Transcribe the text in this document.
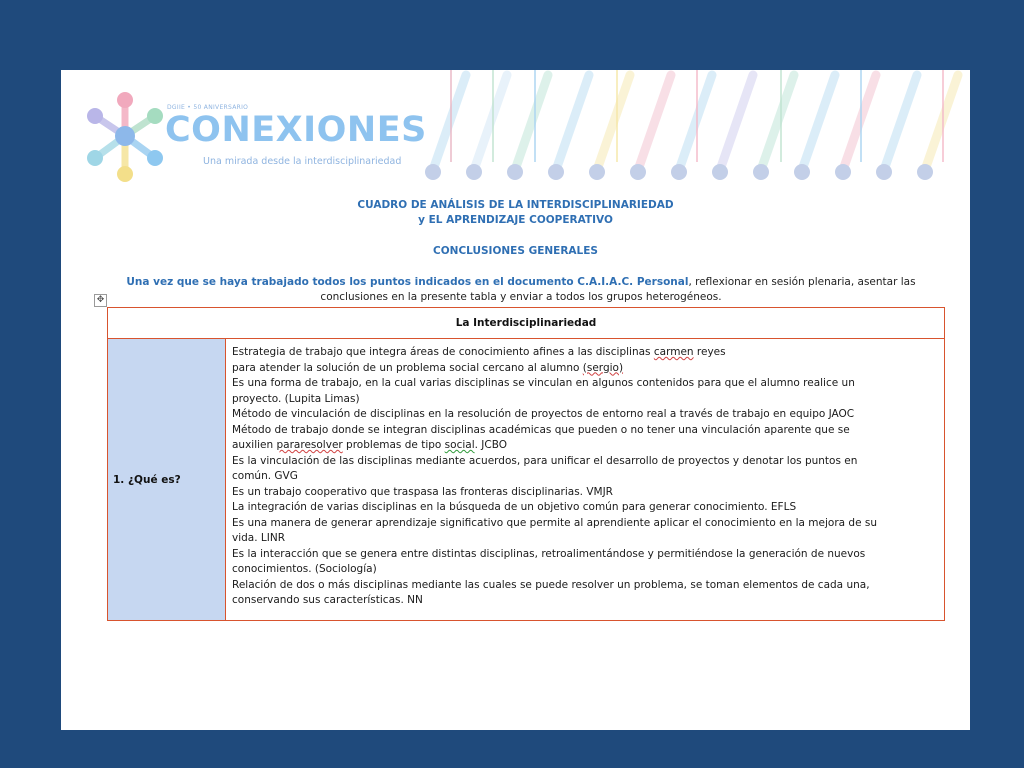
DGIIE • 50 ANIVERSARIO
CONEXIONES
Una mirada desde la interdisciplinariedad
CUADRO DE ANÁLISIS DE LA INTERDISCIPLINARIEDAD
y EL APRENDIZAJE COOPERATIVO
CONCLUSIONES GENERALES
Una vez que se haya trabajado todos los puntos indicados en el documento C.A.I.A.C. Personal, reflexionar en sesión plenaria, asentar las conclusiones en la presente tabla y enviar a todos los grupos heterogéneos.
✥
La Interdisciplinariedad
1. ¿Qué es?
Estrategia de trabajo que integra áreas de conocimiento afines a las disciplinas carmen reyes
para atender la solución de un problema social cercano al alumno (sergio)
Es una forma de trabajo, en la cual varias disciplinas se vinculan en algunos contenidos para que el alumno realice un
proyecto. (Lupita Limas)
Método de vinculación de disciplinas en la resolución de proyectos de entorno real a través de trabajo en equipo JAOC
Método de trabajo donde se integran disciplinas académicas que pueden o no tener una vinculación aparente que se
auxilien pararesolver problemas de tipo social. JCBO
Es la vinculación de las disciplinas mediante acuerdos, para unificar el desarrollo de proyectos y denotar los puntos en
común. GVG
Es un trabajo cooperativo que traspasa las fronteras disciplinarias. VMJR
La integración de varias disciplinas en la búsqueda de un objetivo común para generar conocimiento. EFLS
Es una manera de generar aprendizaje significativo que permite al aprendiente aplicar el conocimiento en la mejora de su
vida. LINR
Es la interacción que se genera entre distintas disciplinas, retroalimentándose y permitiéndose la generación de nuevos
conocimientos. (Sociología)
Relación de dos o más disciplinas mediante las cuales se puede resolver un problema, se toman elementos de cada una,
conservando sus características. NN
